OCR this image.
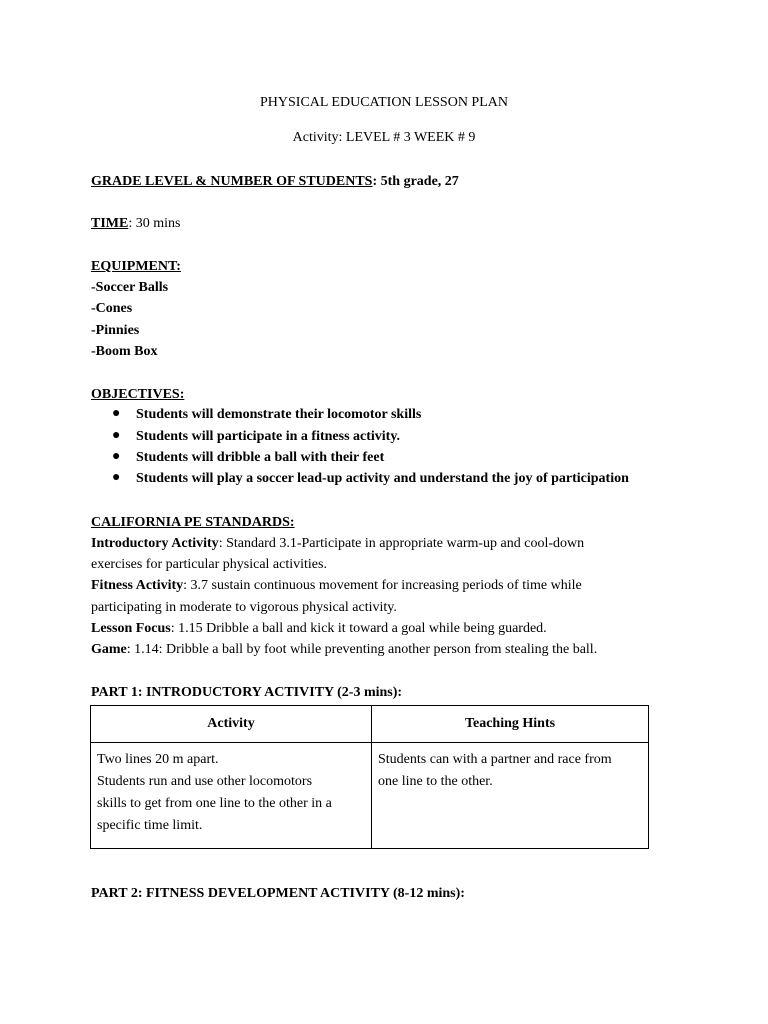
PHYSICAL EDUCATION LESSON PLAN
Activity: LEVEL # 3 WEEK # 9
GRADE LEVEL & NUMBER OF STUDENTS: 5th grade, 27
TIME: 30 mins
EQUIPMENT:
-Soccer Balls
-Cones
-Pinnies
-Boom Box
OBJECTIVES:
● Students will demonstrate their locomotor skills
● Students will participate in a fitness activity.
● Students will dribble a ball with their feet
● Students will play a soccer lead-up activity and understand the joy of participation
CALIFORNIA PE STANDARDS:
Introductory Activity: Standard 3.1-Participate in appropriate warm-up and cool-down
exercises for particular physical activities.
Fitness Activity: 3.7 sustain continuous movement for increasing periods of time while
participating in moderate to vigorous physical activity.
Lesson Focus: 1.15 Dribble a ball and kick it toward a goal while being guarded.
Game: 1.14: Dribble a ball by foot while preventing another person from stealing the ball.
PART 1: INTRODUCTORY ACTIVITY (2-3 mins):
Activity	Teaching Hints

Two lines 20 m apart.
Students run and use other locomotors
skills to get from one line to the other in a
specific time limit.	Students can with a partner and race from
one line to the other.
PART 2: FITNESS DEVELOPMENT ACTIVITY (8-12 mins):
